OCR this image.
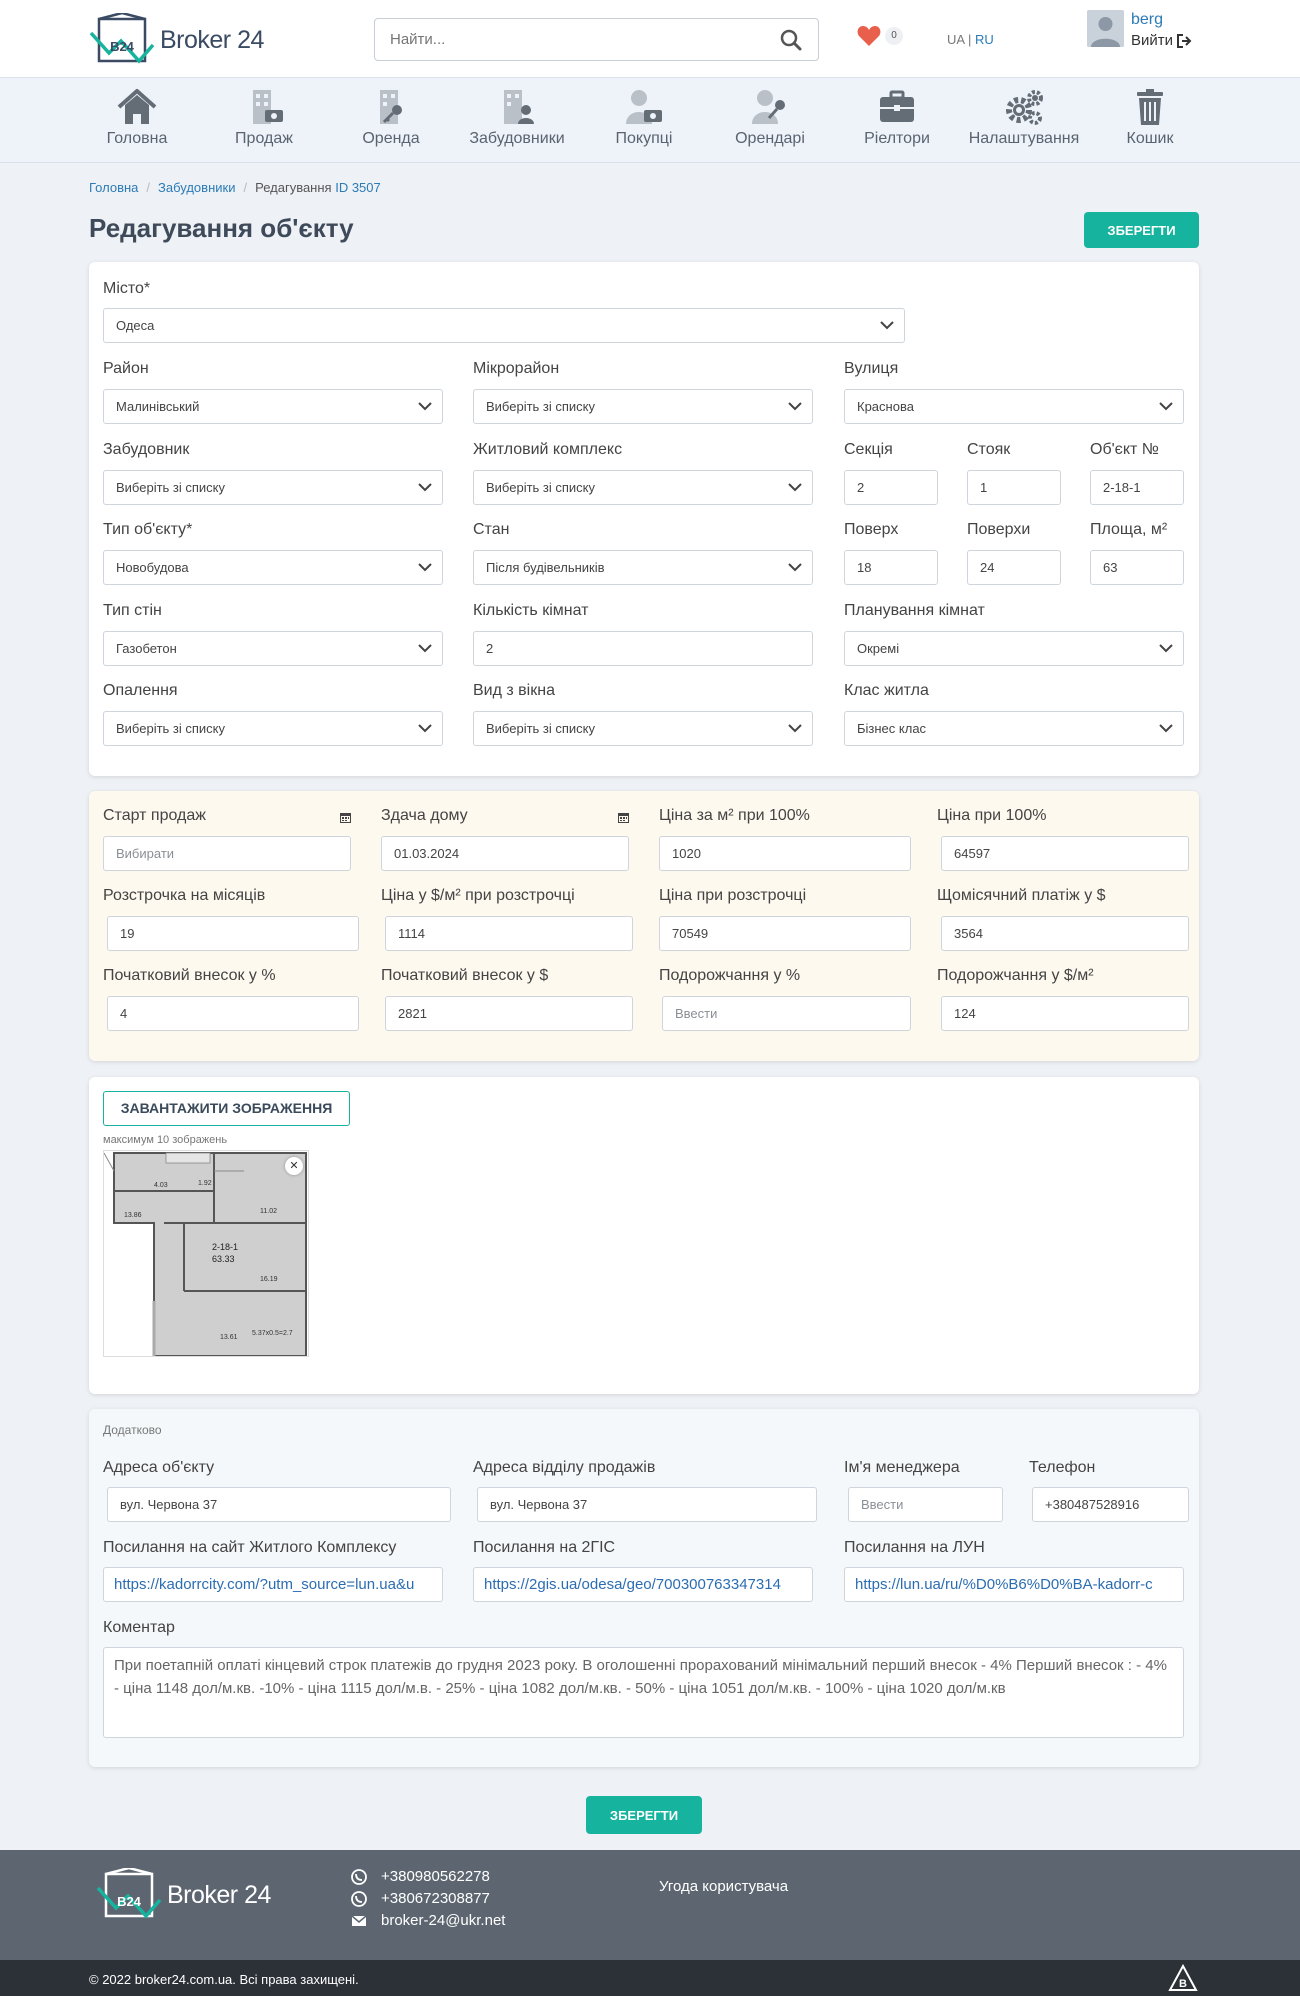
B24 Broker 24
Найти...	0	UA | RU
berg
Вийти
Головна	Продаж	Оренда	Забудовники	Покупці	Орендарі	Ріелтори	Налаштування	Кошик
Головна / Забудовники / Редагування ID 3507
Редагування об'єкту	ЗБЕРЕГТИ
Місто*
Одеса
Район
Малинівський
Мікрорайон
Виберіть зі списку
Вулиця
Краснова
Забудовник
Виберіть зі списку
Житловий комплекс
Виберіть зі списку
Секція
2
Стояк
1
Об'єкт №
2-18-1
Тип об'єкту*
Новобудова
Стан
Після будівельників
Поверх
18
Поверхи
24
Площа, м²
63
Тип стін
Газобетон
Кількість кімнат
2
Планування кімнат
Окремі
Опалення
Виберіть зі списку
Вид з вікна
Виберіть зі списку
Клас житла
Бізнес клас
Старт продаж
Вибирати
Здача дому
01.03.2024
Ціна за м² при 100%
1020
Ціна при 100%
64597
Розстрочка на місяців
19
Ціна у $/м² при розстрочці
1114
Ціна при розстрочці
70549
Щомісячний платіж у $
3564
Початковий внесок у %
4
Початковий внесок у $
2821
Подорожчання у %
Ввести
Подорожчання у $/м²
124
ЗАВАНТАЖИТИ ЗОБРАЖЕННЯ
максимум 10 зображень
4.03	1.92
13.86
11.02
2-18-1
63.33
16.19
13.61
5.37x0.5=2.7
✕
Додатково
Адреса об'єкту
вул. Червона 37
Адреса відділу продажів
вул. Червона 37
Ім'я менеджера
Ввести
Телефон
+380487528916
Посилання на сайт Житлого Комплексу
https://kadorrcity.com/?utm_source=lun.ua&u
Посилання на 2ГІС
https://2gis.ua/odesa/geo/700300763347314
Посилання на ЛУН
https://lun.ua/ru/%D0%B6%D0%BA-kadorr-c
Коментар
При поетапній оплаті кінцевий строк платежів до грудня 2023 року. В оголошенні прорахований мінімальний перший внесок - 4% Перший внесок : - 4% - ціна 1148 дол/м.кв. -10% - ціна 1115 дол/м.в. - 25% - ціна 1082 дол/м.кв. - 50% - ціна 1051 дол/м.кв. - 100% - ціна 1020 дол/м.кв
ЗБЕРЕГТИ
B24 Broker 24
+380980562278
+380672308877
broker-24@ukr.net
Угода користувача
© 2022 broker24.com.ua. Всі права захищені.	B
